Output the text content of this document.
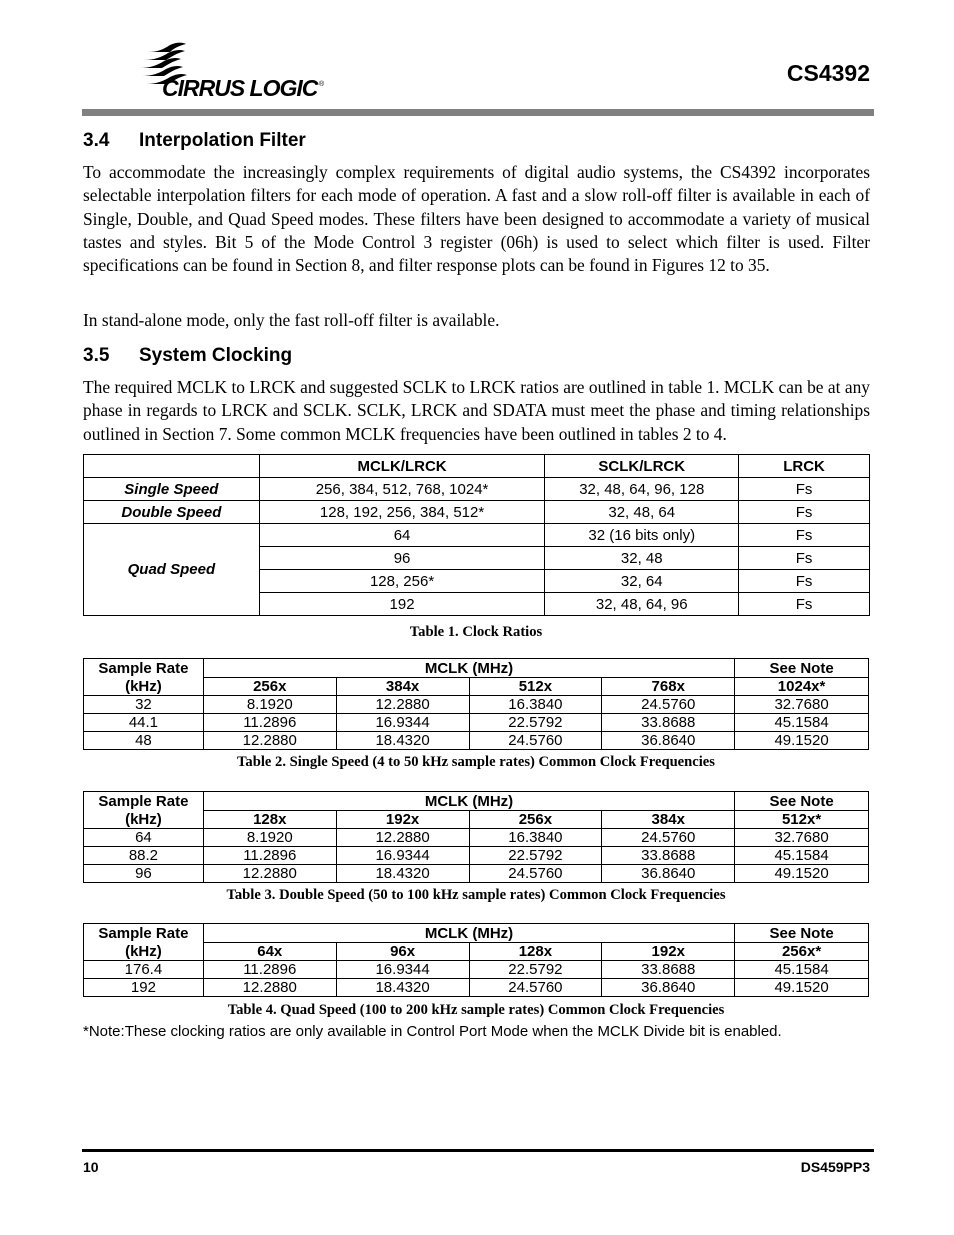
CIRRUS LOGIC ®	CS4392
3.4 Interpolation Filter
To accommodate the increasingly complex requirements of digital audio systems, the CS4392 incorporates selectable interpolation filters for each mode of operation. A fast and a slow roll-off filter is available in each of Single, Double, and Quad Speed modes. These filters have been designed to accommodate a variety of musical tastes and styles. Bit 5 of the Mode Control 3 register (06h) is used to select which filter is used. Filter specifications can be found in Section 8, and filter response plots can be found in Figures 12 to 35.
In stand-alone mode, only the fast roll-off filter is available.
3.5 System Clocking
The required MCLK to LRCK and suggested SCLK to LRCK ratios are outlined in table 1. MCLK can be at any phase in regards to LRCK and SCLK. SCLK, LRCK and SDATA must meet the phase and timing relationships outlined in Section 7. Some common MCLK frequencies have been outlined in tables 2 to 4.
	MCLK/LRCK	SCLK/LRCK	LRCK
Single Speed	256, 384, 512, 768, 1024*	32, 48, 64, 96, 128	Fs
Double Speed	128, 192, 256, 384, 512*	32, 48, 64	Fs
Quad Speed	64	32 (16 bits only)	Fs
	96	32, 48	Fs
	128, 256*	32, 64	Fs
	192	32, 48, 64, 96	Fs
Table 1. Clock Ratios
Sample Rate	MCLK (MHz)				See Note
(kHz)	256x	384x	512x	768x	1024x*
32	8.1920	12.2880	16.3840	24.5760	32.7680
44.1	11.2896	16.9344	22.5792	33.8688	45.1584
48	12.2880	18.4320	24.5760	36.8640	49.1520
Table 2. Single Speed (4 to 50 kHz sample rates) Common Clock Frequencies
Sample Rate	MCLK (MHz)				See Note
(kHz)	128x	192x	256x	384x	512x*
64	8.1920	12.2880	16.3840	24.5760	32.7680
88.2	11.2896	16.9344	22.5792	33.8688	45.1584
96	12.2880	18.4320	24.5760	36.8640	49.1520
Table 3. Double Speed (50 to 100 kHz sample rates) Common Clock Frequencies
Sample Rate	MCLK (MHz)				See Note
(kHz)	64x	96x	128x	192x	256x*
176.4	11.2896	16.9344	22.5792	33.8688	45.1584
192	12.2880	18.4320	24.5760	36.8640	49.1520
Table 4. Quad Speed (100 to 200 kHz sample rates) Common Clock Frequencies
*Note:These clocking ratios are only available in Control Port Mode when the MCLK Divide bit is enabled.
10	DS459PP3
